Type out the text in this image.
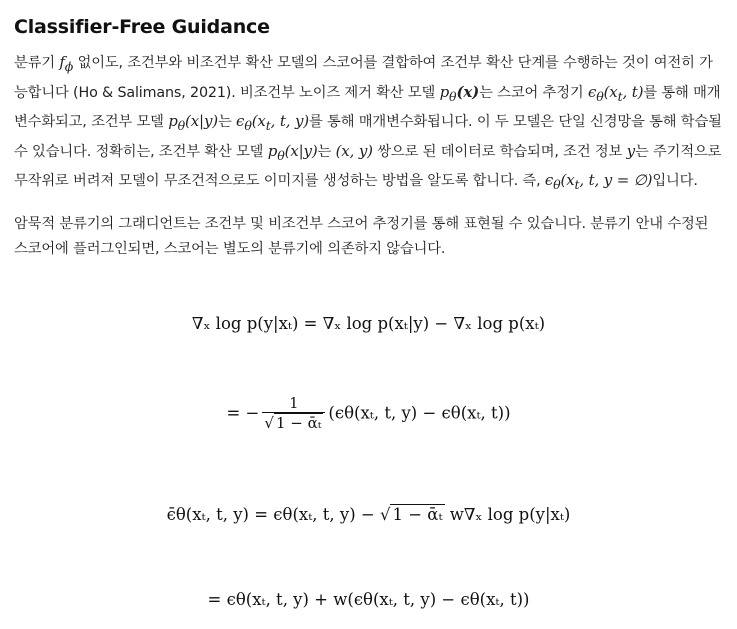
Classifier-Free Guidance

분류기 $f_\phi$ 없이도, 조건부와 비조건부 확산 모델의 스코어를 결합하여 조건부 확산 단계를 수행하는 것이 여전히 가능합니다 (Ho & Salimans, 2021). 비조건부 노이즈 제거 확산 모델 $p_\theta(x)$는 스코어 추정기 $\epsilon_\theta(x_t$, t)를 통해 매개변수화되고, 조건부 모델 $p_\theta(x|y)$는 $\epsilon_\theta(x_t$, t, y)를 통해 매개변수화됩니다. 이 두 모델은 단일 신경망을 통해 학습될 수 있습니다. 정확히는, 조건부 확산 모델 $p_\theta(x|y)$는 (x, y) 쌍으로 된 데이터로 학습되며, 조건 정보 y는 주기적으로 무작위로 버려져 모델이 무조건적으로도 이미지를 생성하는 방법을 알도록 합니다. 즉, $\epsilon_\theta(x_t$, t, y = ∅)입니다.

암묵적 분류기의 그래디언트는 조건부 및 비조건부 스코어 추정기를 통해 표현될 수 있습니다. 분류기 안내 수정된 스코어에 플러그인되면, 스코어는 별도의 분류기에 의존하지 않습니다.

∇ₓ log p(y|xₜ) = ∇ₓ log p(xₜ|y) − ∇ₓ log p(xₜ)
= − $\frac{1}{\text{√ 1 − ᾱₜ}} (\epsilon\theta(x_t$, t, y) − ϵθ(xₜ, t))
ϵ̄θ(xₜ, t, y) = ϵθ(xₜ, t, y) − √ 1 − ᾱₜ w∇ₓ log p(y|xₜ)
= ϵθ(xₜ, t, y) + w(ϵθ(xₜ, t, y) − ϵθ(xₜ, t))
